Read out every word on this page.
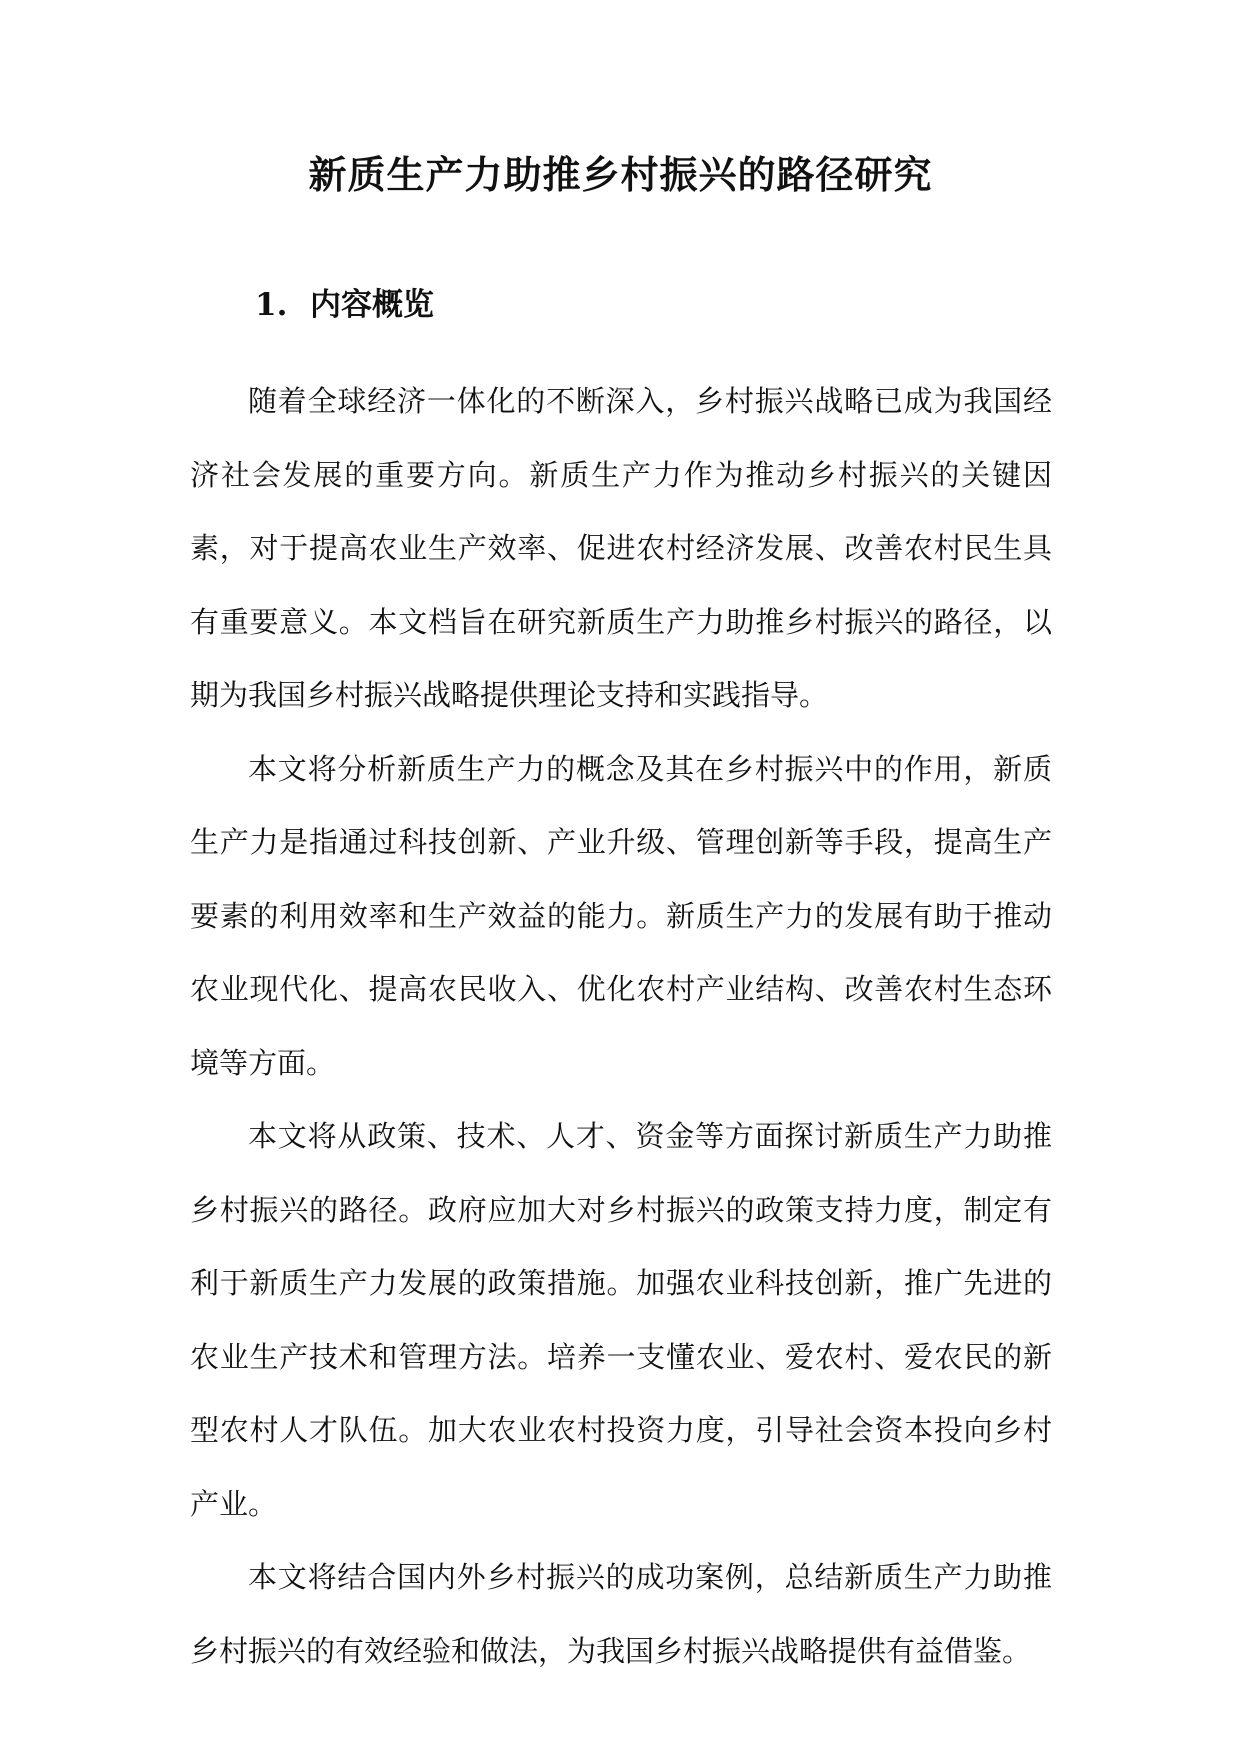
新质生产力助推乡村振兴的路径研究
1. 内容概览

随着全球经济一体化的不断深入，乡村振兴战略已成为我国经济社会发展的重要方向。新质生产力作为推动乡村振兴的关键因素，对于提高农业生产效率、促进农村经济发展、改善农村民生具有重要意义。本文档旨在研究新质生产力助推乡村振兴的路径，以期为我国乡村振兴战略提供理论支持和实践指导。

本文将分析新质生产力的概念及其在乡村振兴中的作用，新质生产力是指通过科技创新、产业升级、管理创新等手段，提高生产要素的利用效率和生产效益的能力。新质生产力的发展有助于推动农业现代化、提高农民收入、优化农村产业结构、改善农村生态环境等方面。

本文将从政策、技术、人才、资金等方面探讨新质生产力助推乡村振兴的路径。政府应加大对乡村振兴的政策支持力度，制定有利于新质生产力发展的政策措施。加强农业科技创新，推广先进的农业生产技术和管理方法。培养一支懂农业、爱农村、爱农民的新型农村人才队伍。加大农业农村投资力度，引导社会资本投向乡村产业。

本文将结合国内外乡村振兴的成功案例，总结新质生产力助推乡村振兴的有效经验和做法，为我国乡村振兴战略提供有益借鉴。
